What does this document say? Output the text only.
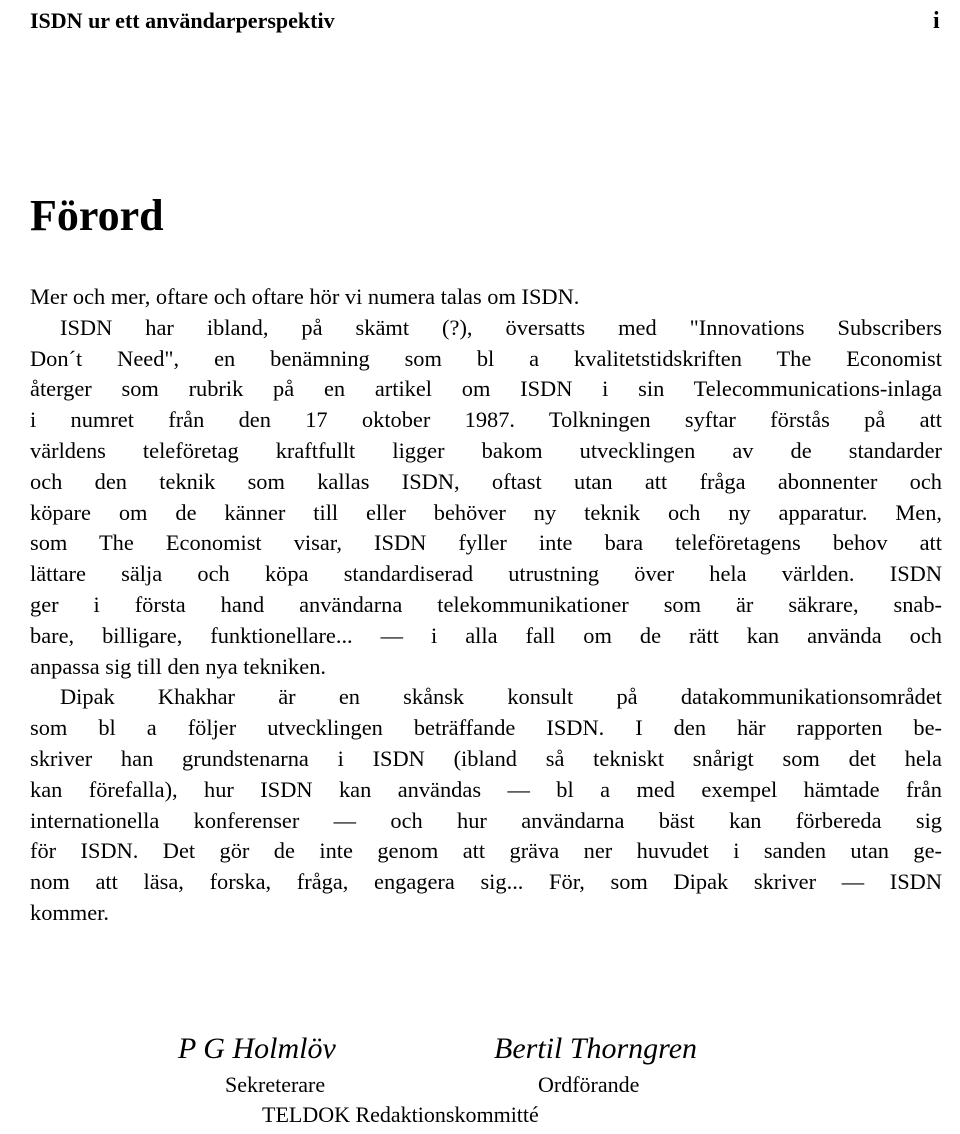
ISDN ur ett användarperspektiv	i
Förord
Mer och mer, oftare och oftare hör vi numera talas om ISDN.
ISDN har ibland, på skämt (?), översatts med "Innovations Subscribers
Don´t Need", en benämning som bl a kvalitetstidskriften The Economist
återger som rubrik på en artikel om ISDN i sin Telecommunications-inlaga
i numret från den 17 oktober 1987. Tolkningen syftar förstås på att
världens teleföretag kraftfullt ligger bakom utvecklingen av de standarder
och den teknik som kallas ISDN, oftast utan att fråga abonnenter och
köpare om de känner till eller behöver ny teknik och ny apparatur. Men,
som The Economist visar, ISDN fyller inte bara teleföretagens behov att
lättare sälja och köpa standardiserad utrustning över hela världen. ISDN
ger i första hand användarna telekommunikationer som är säkrare, snab-
bare, billigare, funktionellare... — i alla fall om de rätt kan använda och
anpassa sig till den nya tekniken.
Dipak Khakhar är en skånsk konsult på datakommunikationsområdet
som bl a följer utvecklingen beträffande ISDN. I den här rapporten be-
skriver han grundstenarna i ISDN (ibland så tekniskt snårigt som det hela
kan förefalla), hur ISDN kan användas — bl a med exempel hämtade från
internationella konferenser — och hur användarna bäst kan förbereda sig
för ISDN. Det gör de inte genom att gräva ner huvudet i sanden utan ge-
nom att läsa, forska, fråga, engagera sig... För, som Dipak skriver — ISDN
kommer.
P G Holmlöv	Bertil Thorngren
Sekreterare	Ordförande
TELDOK Redaktionskommitté
